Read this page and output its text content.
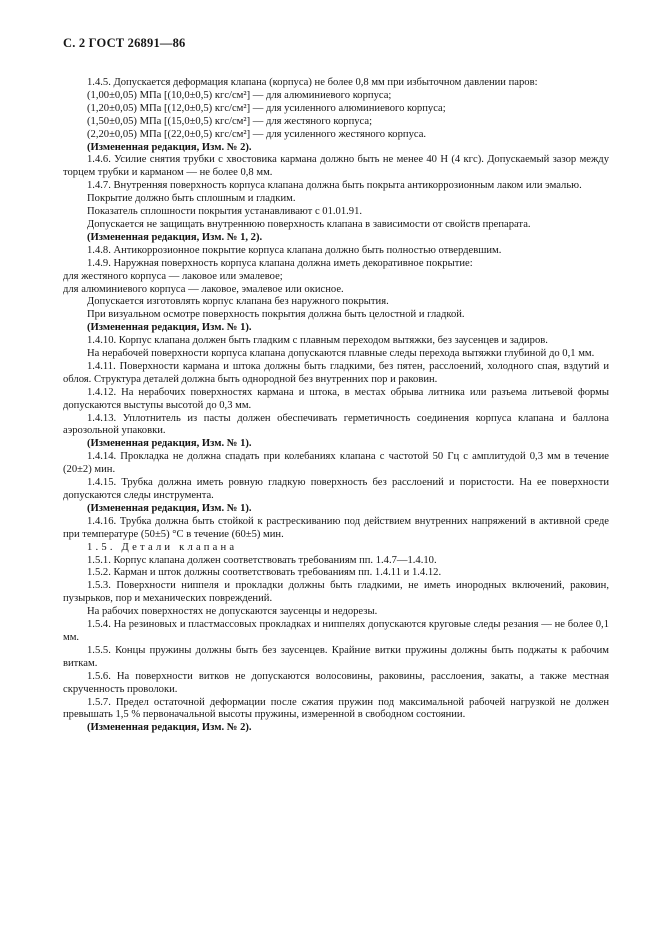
С. 2 ГОСТ 26891—86

1.4.5. Допускается деформация клапана (корпуса) не более 0,8 мм при избыточном давлении паров:

(1,00±0,05) МПа [(10,0±0,5) кгс/см²] — для алюминиевого корпуса;

(1,20±0,05) МПа [(12,0±0,5) кгс/см²] — для усиленного алюминиевого корпуса;

(1,50±0,05) МПа [(15,0±0,5) кгс/см²] — для жестяного корпуса;

(2,20±0,05) МПа [(22,0±0,5) кгс/см²] — для усиленного жестяного корпуса.

(Измененная редакция, Изм. № 2).

1.4.6. Усилие снятия трубки с хвостовика кармана должно быть не менее 40 Н (4 кгс). Допускаемый зазор между торцем трубки и карманом — не более 0,8 мм.

1.4.7. Внутренняя поверхность корпуса клапана должна быть покрыта антикоррозионным лаком или эмалью.

Покрытие должно быть сплошным и гладким.

Показатель сплошности покрытия устанавливают с 01.01.91.

Допускается не защищать внутреннюю поверхность клапана в зависимости от свойств препарата.

(Измененная редакция, Изм. № 1, 2).

1.4.8. Антикоррозионное покрытие корпуса клапана должно быть полностью отвердевшим.

1.4.9. Наружная поверхность корпуса клапана должна иметь декоративное покрытие:

для жестяного корпуса — лаковое или эмалевое;

для алюминиевого корпуса — лаковое, эмалевое или окисное.

Допускается изготовлять корпус клапана без наружного покрытия.

При визуальном осмотре поверхность покрытия должна быть целостной и гладкой.

(Измененная редакция, Изм. № 1).

1.4.10. Корпус клапана должен быть гладким с плавным переходом вытяжки, без заусенцев и задиров.

На нерабочей поверхности корпуса клапана допускаются плавные следы перехода вытяжки глубиной до 0,1 мм.

1.4.11. Поверхности кармана и штока должны быть гладкими, без пятен, расслоений, холодного спая, вздутий и облоя. Структура деталей должна быть однородной без внутренних пор и раковин.

1.4.12. На нерабочих поверхностях кармана и штока, в местах обрыва литника или разъема литьевой формы допускаются выступы высотой до 0,3 мм.

1.4.13. Уплотнитель из пасты должен обеспечивать герметичность соединения корпуса клапана и баллона аэрозольной упаковки.

(Измененная редакция, Изм. № 1).

1.4.14. Прокладка не должна спадать при колебаниях клапана с частотой 50 Гц с амплитудой 0,3 мм в течение (20±2) мин.

1.4.15. Трубка должна иметь ровную гладкую поверхность без расслоений и пористости. На ее поверхности допускаются следы инструмента.

(Измененная редакция, Изм. № 1).

1.4.16. Трубка должна быть стойкой к растрескиванию под действием внутренних напряжений в активной среде при температуре (50±5) °С в течение (60±5) мин.

1.5. Детали клапана

1.5.1. Корпус клапана должен соответствовать требованиям пп. 1.4.7—1.4.10.

1.5.2. Карман и шток должны соответствовать требованиям пп. 1.4.11 и 1.4.12.

1.5.3. Поверхности ниппеля и прокладки должны быть гладкими, не иметь инородных включений, раковин, пузырьков, пор и механических повреждений.

На рабочих поверхностях не допускаются заусенцы и недорезы.

1.5.4. На резиновых и пластмассовых прокладках и ниппелях допускаются круговые следы резания — не более 0,1 мм.

1.5.5. Концы пружины должны быть без заусенцев. Крайние витки пружины должны быть поджаты к рабочим виткам.

1.5.6. На поверхности витков не допускаются волосовины, раковины, расслоения, закаты, а также местная скрученность проволоки.

1.5.7. Предел остаточной деформации после сжатия пружин под максимальной рабочей нагрузкой не должен превышать 1,5 % первоначальной высоты пружины, измеренной в свободном состоянии.

(Измененная редакция, Изм. № 2).
